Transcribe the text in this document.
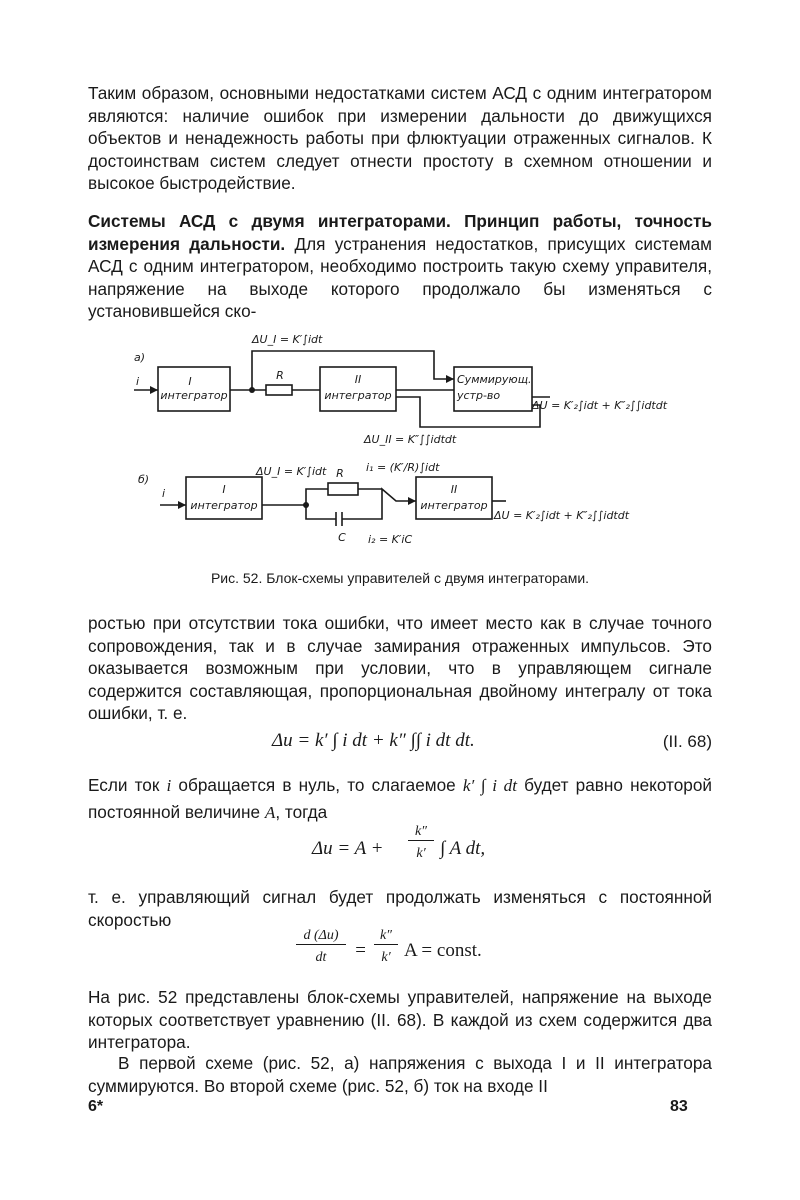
Таким образом, основными недостатками систем АСД с одним интегратором являются: наличие ошибок при измерении дальности до движущихся объектов и ненадежность работы при флюктуации отраженных сигналов. К достоинствам систем следует отнести простоту в схемном отношении и высокое быстродействие.

Системы АСД с двумя интеграторами. Принцип работы, точность измерения дальности. Для устранения недостатков, присущих системам АСД с одним интегратором, необходимо построить такую схему управителя, напряжение на выходе которого продолжало бы изменяться с установившейся ско-

а)
i	I
интегратор
R	II
интегратор
Суммирующ.
устр-во
ΔU_I = K′∫idt
ΔU_II = K″∫∫idtdt
ΔU = K′₂∫idt + K″₂∫∫idtdt
б)
i	I
интегратор
II
интегратор
R
C
ΔU_I = K′∫idt	i₁ = (K′/R)∫idt
i₂ = K′iC
ΔU = K′₂∫idt + K″₂∫∫idtdt
Рис. 52. Блок-схемы управителей с двумя интеграторами.

ростью при отсутствии тока ошибки, что имеет место как в случае точного сопровождения, так и в случае замирания отраженных импульсов. Это оказывается возможным при условии, что в управляющем сигнале содержится составляющая, пропорциональная двойному интегралу от тока ошибки, т. е.

Δu = k′ ∫ i dt + k″ ∫∫ i dt dt.	(II. 68)

Если ток i обращается в нуль, то слагаемое k′ ∫ i dt будет равно некоторой постоянной величине A, тогда

Δu = A +
k″
k′ ∫ A dt,

т. е. управляющий сигнал будет продолжать изменяться с постоянной скоростью

d (Δu)
dt	=
k″
k′ A = const.

На рис. 52 представлены блок-схемы управителей, напряжение на выходе которых соответствует уравнению (II. 68). В каждой из схем содержится два интегратора.

В первой схеме (рис. 52, а) напряжения с выхода I и II интегратора суммируются. Во второй схеме (рис. 52, б) ток на входе II

6*	83
